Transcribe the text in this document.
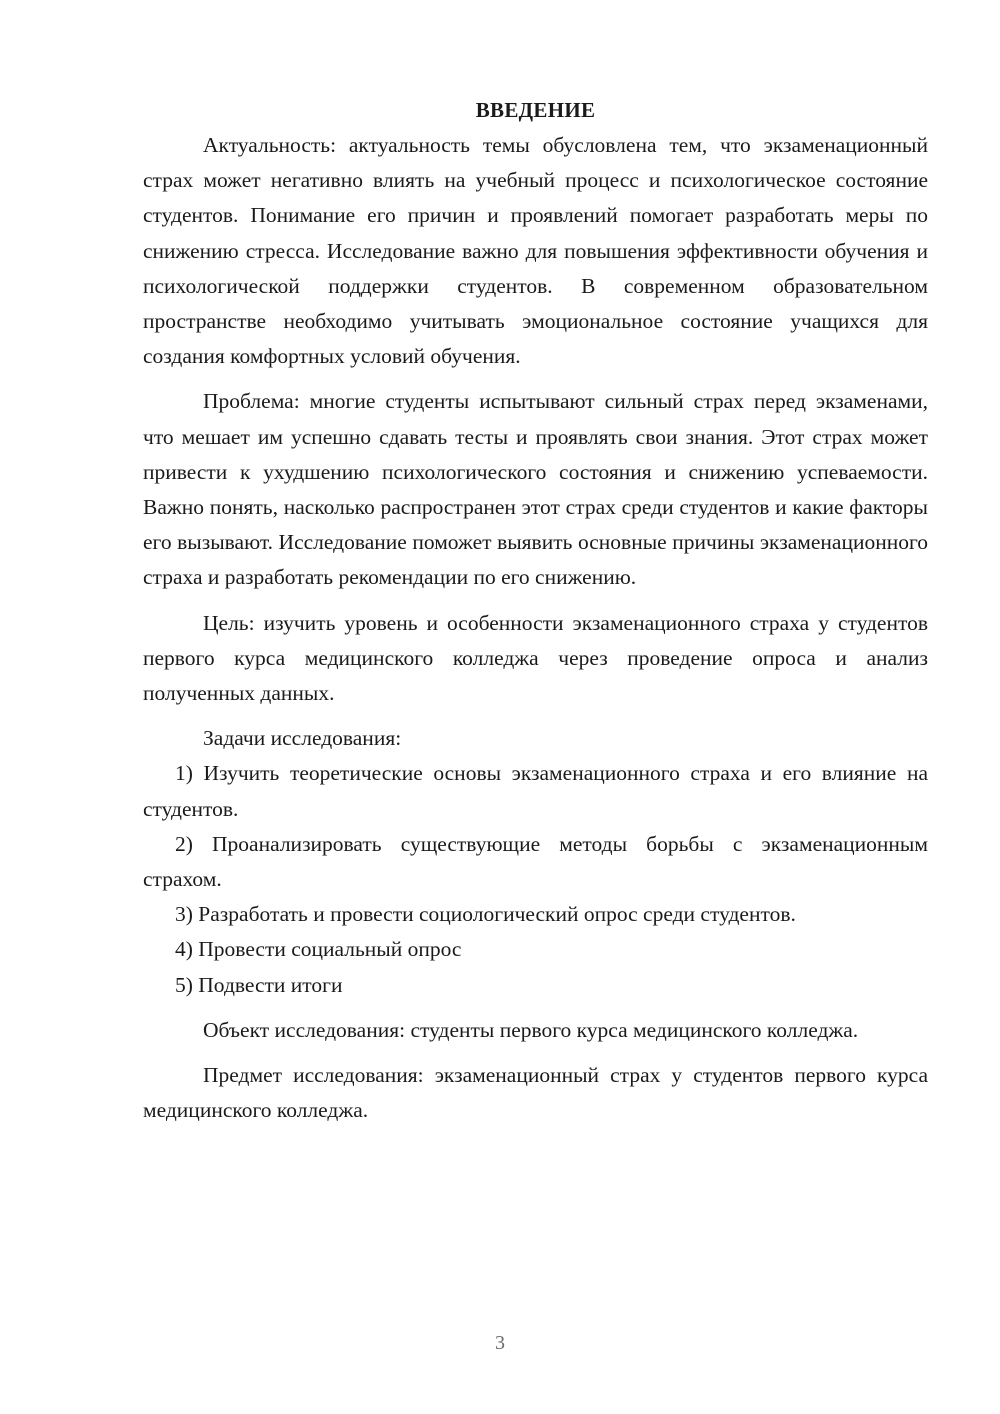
ВВЕДЕНИЕ

Актуальность: актуальность темы обусловлена тем, что экзаменационный страх может негативно влиять на учебный процесс и психологическое состояние студентов. Понимание его причин и проявлений помогает разработать меры по снижению стресса. Исследование важно для повышения эффективности обучения и психологической поддержки студентов. В современном образовательном пространстве необходимо учитывать эмоциональное состояние учащихся для создания комфортных условий обучения.

Проблема: многие студенты испытывают сильный страх перед экзаменами, что мешает им успешно сдавать тесты и проявлять свои знания. Этот страх может привести к ухудшению психологического состояния и снижению успеваемости. Важно понять, насколько распространен этот страх среди студентов и какие факторы его вызывают. Исследование поможет выявить основные причины экзаменационного страха и разработать рекомендации по его снижению.

Цель: изучить уровень и особенности экзаменационного страха у студентов первого курса медицинского колледжа через проведение опроса и анализ полученных данных.

Задачи исследования:

1) Изучить теоретические основы экзаменационного страха и его влияние на студентов.

2) Проанализировать существующие методы борьбы с экзаменационным страхом.

3) Разработать и провести социологический опрос среди студентов.

4) Провести социальный опрос

5) Подвести итоги

Объект исследования: студенты первого курса медицинского колледжа.

Предмет исследования: экзаменационный страх у студентов первого курса медицинского колледжа.

3
